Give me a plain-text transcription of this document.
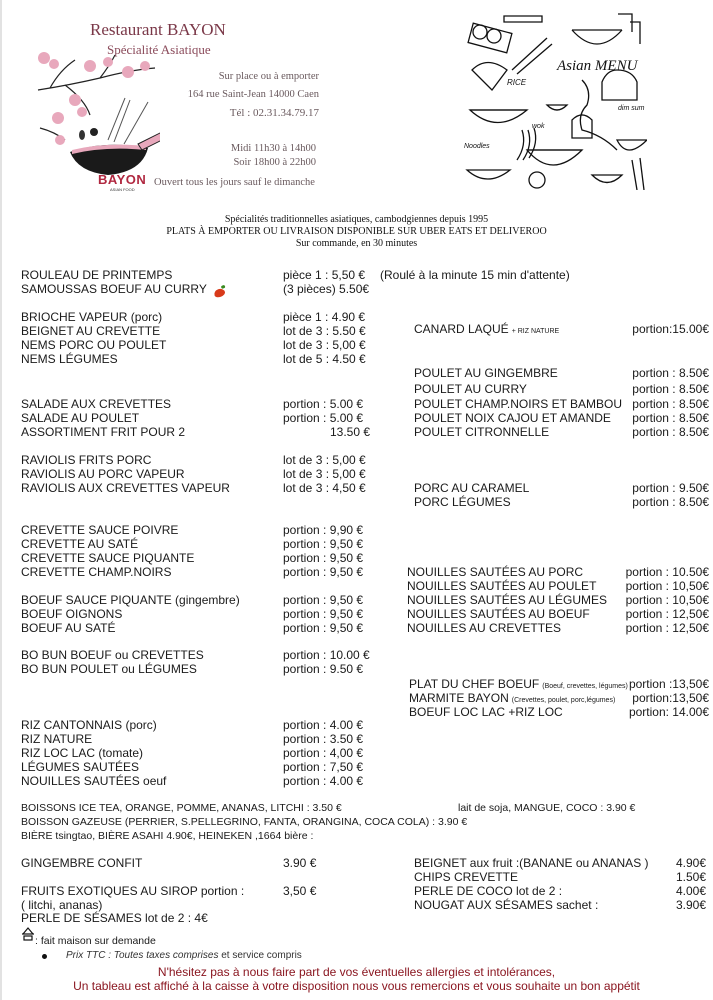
Restaurant BAYON
Spécialité Asiatique
Sur place ou à emporter
164 rue Saint-Jean 14000 Caen
Tél : 02.31.34.79.17
Midi 11h30 à 14h00
Soir 18h00 à 22h00
Ouvert tous les jours sauf le dimanche
BAYON
ASIAN FOOD
Asian MENU
RICE
wok
Noodles
dim sum
Spécialités traditionnelles asiatiques, cambodgiennes depuis 1995
PLATS À EMPORTER OU LIVRAISON DISPONIBLE SUR UBER EATS ET DELIVEROO
Sur commande, en 30 minutes
ROULEAU DE PRINTEMPS	pièce 1 : 5,50 € (Roulé à la minute 15 min d'attente)
SAMOUSSAS BOEUF AU CURRY	(3 pièces) 5.50€
BRIOCHE VAPEUR (porc)	pièce 1 : 4.90 €
BEIGNET AU CREVETTE	lot de 3 : 5.50 €
NEMS PORC OU POULET	lot de 3 : 5,00 €
NEMS LÉGUMES	lot de 5 : 4.50 €
SALADE AUX CREVETTES	portion : 5.00 €
SALADE AU POULET	portion : 5.00 €
ASSORTIMENT FRIT POUR 2	13.50 €
RAVIOLIS FRITS PORC	lot de 3 : 5,00 €
RAVIOLIS AU PORC VAPEUR	lot de 3 : 5,00 €
RAVIOLIS AUX CREVETTES VAPEUR	lot de 3 : 4,50 €
CREVETTE SAUCE POIVRE	portion : 9,90 €
CREVETTE AU SATÉ	portion : 9,50 €
CREVETTE SAUCE PIQUANTE	portion : 9,50 €
CREVETTE CHAMP.NOIRS	portion : 9,50 €
BOEUF SAUCE PIQUANTE (gingembre)	portion : 9,50 €
BOEUF OIGNONS	portion : 9,50 €
BOEUF AU SATÉ	portion : 9,50 €
BO BUN BOEUF ou CREVETTES	portion : 10.00 €
BO BUN POULET ou LÉGUMES	portion : 9.50 €
RIZ CANTONNAIS (porc)	portion : 4.00 €
RIZ NATURE	portion : 3.50 €
RIZ LOC LAC (tomate)	portion : 4,00 €
LÉGUMES SAUTÉES	portion : 7,50 €
NOUILLES SAUTÉES oeuf	portion : 4.00 €
CANARD LAQUÉ + RIZ NATURE	portion:15.00€
POULET AU GINGEMBRE	portion : 8.50€
POULET AU CURRY	portion : 8.50€
POULET CHAMP.NOIRS ET BAMBOU portion : 8.50€
POULET NOIX CAJOU ET AMANDE portion : 8.50€
POULET CITRONNELLE	portion : 8.50€
PORC AU CARAMEL	portion : 9.50€
PORC LÉGUMES	portion : 8.50€
NOUILLES SAUTÉES AU PORC	portion : 10.50€
NOUILLES SAUTÉES AU POULET portion : 10,50€
NOUILLES SAUTÉES AU LÉGUMES portion : 10,50€
NOUILLES SAUTÉES AU BOEUF	portion : 12,50€
NOUILLES AU CREVETTES	portion : 12,50€
PLAT DU CHEF BOEUF (Boeuf, crevettes, légumes) portion :13,50€
MARMITE BAYON (Crevettes, poulet, porc,légumes) portion:13,50€
BOEUF LOC LAC +RIZ LOC	portion: 14.00€
BOISSONS ICE TEA, ORANGE, POMME, ANANAS, LITCHI : 3.50 €	lait de soja, MANGUE, COCO : 3.90 €
BOISSON GAZEUSE (PERRIER, S.PELLEGRINO, FANTA, ORANGINA, COCA COLA) : 3.90 €
BIÈRE tsingtao, BIÈRE ASAHI 4.90€, HEINEKEN ,1664 bière :
GINGEMBRE CONFIT	3.90 €
FRUITS EXOTIQUES AU SIROP portion :	3,50 €
( litchi, ananas)
PERLE DE SÉSAMES lot de 2 : 4€
BEIGNET aux fruit :(BANANE ou ANANAS ) 4.90€
CHIPS CREVETTE	1.50€
PERLE DE COCO lot de 2 :	4.00€
NOUGAT AUX SÉSAMES sachet :	3.90€
: fait maison sur demande
Prix TTC : Toutes taxes comprises et service compris
N'hésitez pas à nous faire part de vos éventuelles allergies et intolérances,
Un tableau est affiché à la caisse à votre disposition nous vous remercions et vous souhaite un bon appétit
